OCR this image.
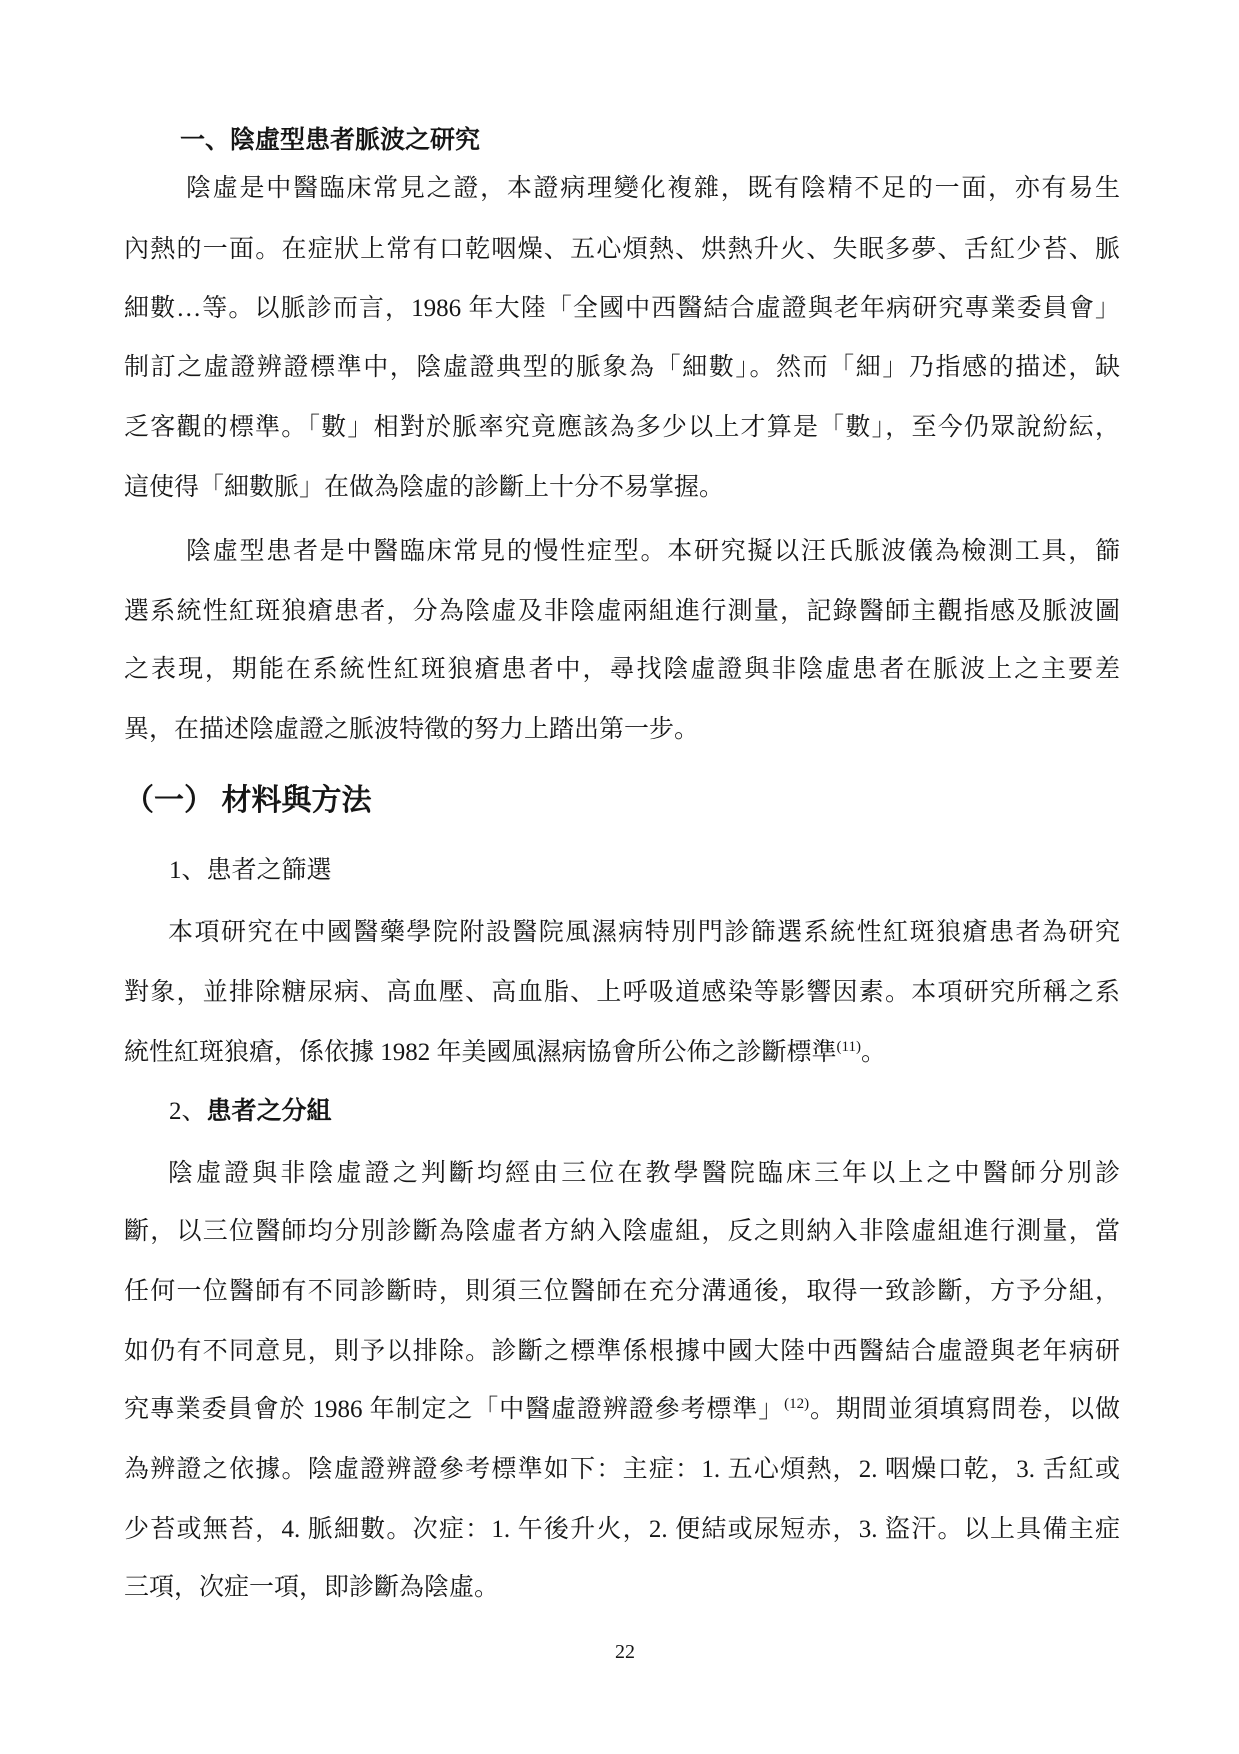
一、陰虛型患者脈波之研究
陰虛是中醫臨床常見之證，本證病理變化複雜，既有陰精不足的一面，亦有易生
內熱的一面。在症狀上常有口乾咽燥、五心煩熱、烘熱升火、失眠多夢、舌紅少苔、脈
細數…等。以脈診而言，1986 年大陸「全國中西醫結合虛證與老年病研究專業委員會」
制訂之虛證辨證標準中，陰虛證典型的脈象為「細數」。然而「細」乃指感的描述，缺
乏客觀的標準。「數」相對於脈率究竟應該為多少以上才算是「數」，至今仍眾說紛紜，
這使得「細數脈」在做為陰虛的診斷上十分不易掌握。
陰虛型患者是中醫臨床常見的慢性症型。本研究擬以汪氏脈波儀為檢測工具，篩
選系統性紅斑狼瘡患者，分為陰虛及非陰虛兩組進行測量，記錄醫師主觀指感及脈波圖
之表現，期能在系統性紅斑狼瘡患者中，尋找陰虛證與非陰虛患者在脈波上之主要差
異，在描述陰虛證之脈波特徵的努力上踏出第一步。
（一） 材料與方法
1、患者之篩選
本項研究在中國醫藥學院附設醫院風濕病特別門診篩選系統性紅斑狼瘡患者為研究
對象，並排除糖尿病、高血壓、高血脂、上呼吸道感染等影響因素。本項研究所稱之系
統性紅斑狼瘡，係依據 1982 年美國風濕病協會所公佈之診斷標準$^{(11)}$。
2、患者之分組
陰虛證與非陰虛證之判斷均經由三位在教學醫院臨床三年以上之中醫師分別診
斷，以三位醫師均分別診斷為陰虛者方納入陰虛組，反之則納入非陰虛組進行測量，當
任何一位醫師有不同診斷時，則須三位醫師在充分溝通後，取得一致診斷，方予分組，
如仍有不同意見，則予以排除。診斷之標準係根據中國大陸中西醫結合虛證與老年病研
究專業委員會於 1986 年制定之「中醫虛證辨證參考標準」$^{(12)}$。期間並須填寫問卷，以做
為辨證之依據。陰虛證辨證參考標準如下：主症：1. 五心煩熱，2. 咽燥口乾，3. 舌紅或
少苔或無苔，4. 脈細數。次症：1. 午後升火，2. 便結或尿短赤，3. 盜汗。以上具備主症
三項，次症一項，即診斷為陰虛。
22
